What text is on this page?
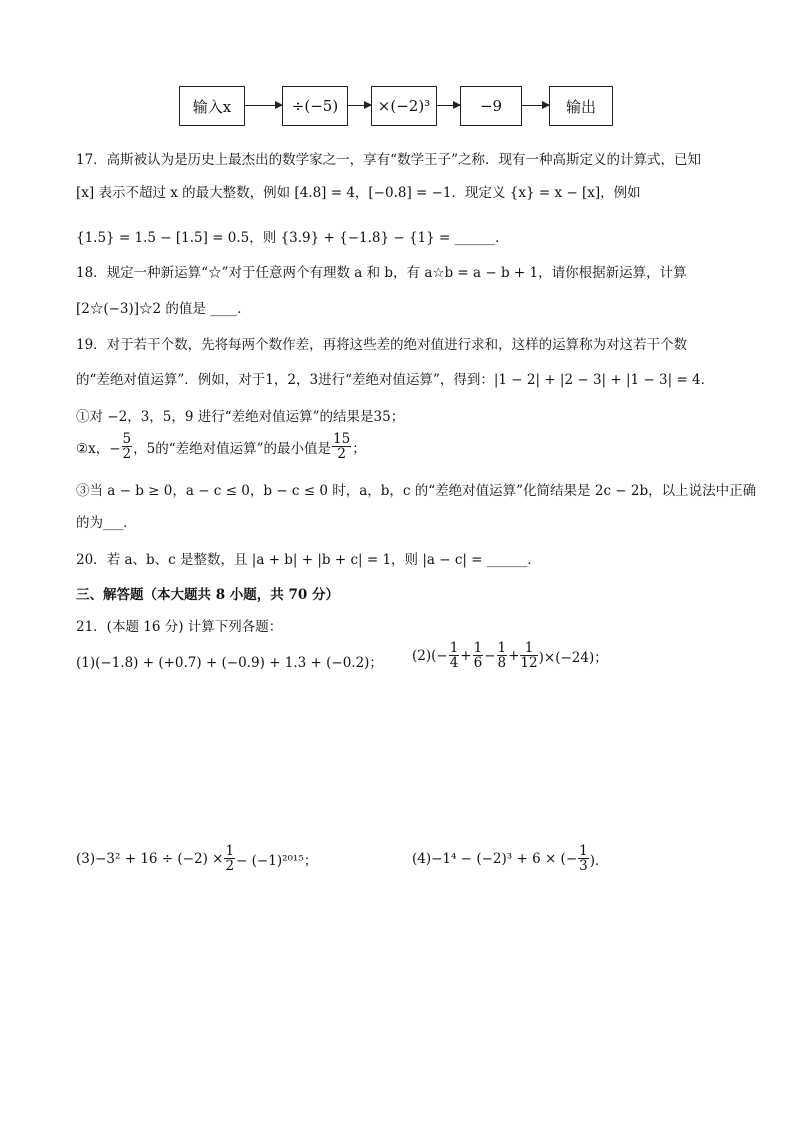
输入x	÷(−5)	×(−2)³	−9	输出
17．高斯被认为是历史上最杰出的数学家之一，享有“数学王子”之称．现有一种高斯定义的计算式，已知
[x] 表示不超过 x 的最大整数，例如 [4.8] = 4，[−0.8] = −1．现定义 {x} = x − [x]，例如
{1.5} = 1.5 − [1.5] = 0.5，则 {3.9} + {−1.8} − {1} = ______．
18．规定一种新运算“☆”对于任意两个有理数 a 和 b，有 a☆b = a − b + 1，请你根据新运算，计算
[2☆(−3)]☆2 的值是 ____．
19．对于若干个数，先将每两个数作差，再将这些差的绝对值进行求和，这样的运算称为对这若干个数
的“差绝对值运算”．例如，对于1，2，3进行“差绝对值运算”，得到：|1 − 2| + |2 − 3| + |1 − 3| = 4．
①对 −2，3，5，9 进行“差绝对值运算”的结果是35；
②x，− $\frac{5}{2}$ ，5的“差绝对值运算”的最小值是 $\frac{15}{2}$ ；
③当 a − b ≥ 0，a − c ≤ 0，b − c ≤ 0 时，a，b，c 的“差绝对值运算”化简结果是 2c − 2b，以上说法中正确
的为___．
20．若 a、b、c 是整数，且 |a + b| + |b + c| = 1，则 |a − c| = ______．
三、解答题（本大题共 8 小题，共 70 分）
21．(本题 16 分) 计算下列各题：
(1)(−1.8) + (+0.7) + (−0.9) + 1.3 + (−0.2)； $(2)(- \frac{1}{4} + \frac{1}{6} - \frac{1}{8} + \frac{1}{12} )\times(-24)$；
$(3)-3^2 + 16 \div (-2) \times \frac{1}{2} - (-1)^{2015}$；	(4)−1⁴ − (−2)³ + 6 × (− $\frac{1}{3}$ )．
